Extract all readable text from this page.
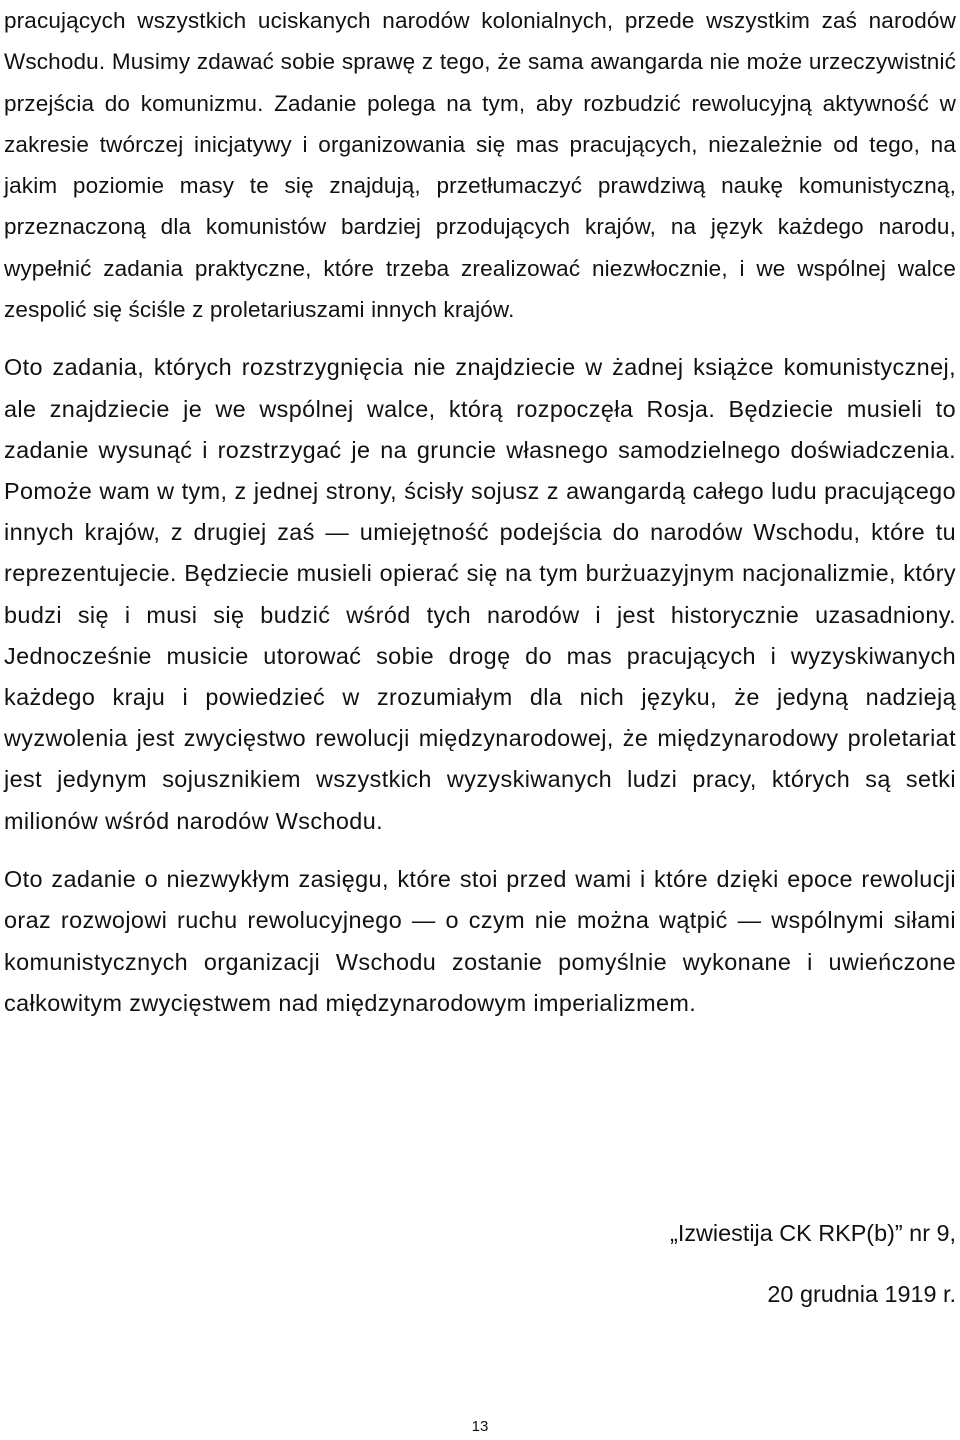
pracujących wszystkich uciskanych narodów kolonialnych, przede wszystkim zaś narodów Wschodu. Musimy zdawać sobie sprawę z tego, że sama awangarda nie może urzeczywistnić przejścia do komunizmu. Zadanie polega na tym, aby rozbudzić rewolucyjną aktywność w zakresie twórczej inicjatywy i organizowania się mas pracujących, niezależnie od tego, na jakim poziomie masy te się znajdują, przetłumaczyć prawdziwą naukę komunistyczną, przeznaczoną dla komunistów bardziej przodujących krajów, na język każdego narodu, wypełnić zadania praktyczne, które trzeba zrealizować niezwłocznie, i we wspólnej walce zespolić się ściśle z proletariuszami innych krajów.

Oto zadania, których rozstrzygnięcia nie znajdziecie w żadnej książce komunistycznej, ale znajdziecie je we wspólnej walce, którą rozpoczęła Rosja. Będziecie musieli to zadanie wysunąć i rozstrzygać je na gruncie własnego samodzielnego doświadczenia. Pomoże wam w tym, z jednej strony, ścisły sojusz z awangardą całego ludu pracującego innych krajów, z drugiej zaś — umiejętność podejścia do narodów Wschodu, które tu reprezentujecie. Będziecie musieli opierać się na tym burżuazyjnym nacjonalizmie, który budzi się i musi się budzić wśród tych narodów i jest historycznie uzasadniony. Jednocześnie musicie utorować sobie drogę do mas pracujących i wyzyskiwanych każdego kraju i powiedzieć w zrozumiałym dla nich języku, że jedyną nadzieją wyzwolenia jest zwycięstwo rewolucji międzynarodowej, że międzynarodowy proletariat jest jedynym sojusznikiem wszystkich wyzyskiwanych ludzi pracy, których są setki milionów wśród narodów Wschodu.

Oto zadanie o niezwykłym zasięgu, które stoi przed wami i które dzięki epoce rewolucji oraz rozwojowi ruchu rewolucyjnego — o czym nie można wątpić — wspólnymi siłami komunistycznych organizacji Wschodu zostanie pomyślnie wykonane i uwieńczone całkowitym zwycięstwem nad międzynarodowym imperializmem.

„Izwiestija CK RKP(b)” nr 9,
20 grudnia 1919 r.
13
